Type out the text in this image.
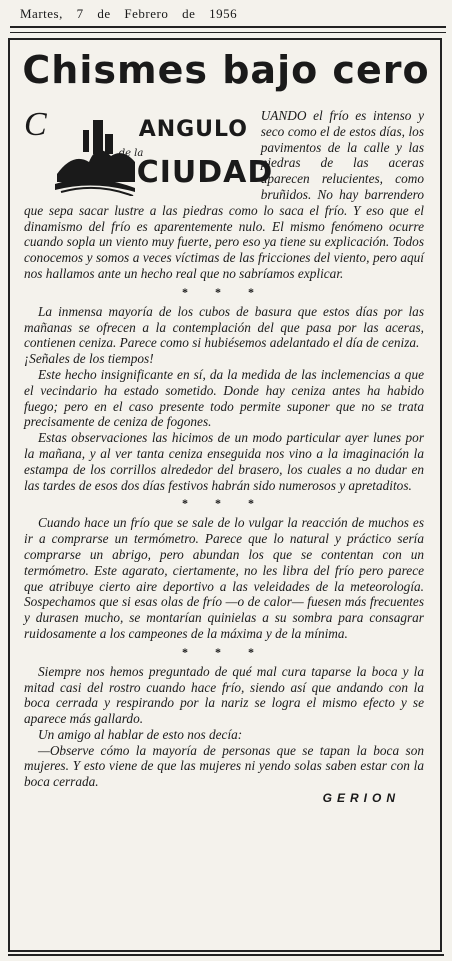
Martes, 7 de Febrero de 1956
Chismes bajo cero

C	ANGULO
de la
CIUDAD
UANDO el frío es intenso y seco como el de estos días, los pavimentos de la calle y las piedras de las aceras aparecen relucientes, como bruñidos. No hay barrendero que sepa sacar lustre a las piedras como lo saca el frío. Y eso que el dinamismo del frío es aparentemente nulo. El mismo fenómeno ocurre cuando sopla un viento muy fuerte, pero eso ya tiene su explicación. Todos conocemos y somos a veces víctimas de las fricciones del viento, pero aquí nos hallamos ante un hecho real que no sabríamos explicar.

* * *

La inmensa mayoría de los cubos de basura que estos días por las mañanas se ofrecen a la contemplación del que pasa por las aceras, contienen ceniza. Parece como si hubiésemos adelantado el día de ceniza.

¡Señales de los tiempos!

Este hecho insignificante en sí, da la medida de las inclemencias a que el vecindario ha estado sometido. Donde hay ceniza antes ha habido fuego; pero en el caso presente todo permite suponer que no se trata precisamente de ceniza de fogones.

Estas observaciones las hicimos de un modo particular ayer lunes por la mañana, y al ver tanta ceniza enseguida nos vino a la imaginación la estampa de los corrillos alrededor del brasero, los cuales a no dudar en las tardes de esos dos días festivos habrán sido numerosos y apretaditos.

* * *

Cuando hace un frío que se sale de lo vulgar la reacción de muchos es ir a comprarse un termómetro. Parece que lo natural y práctico sería comprarse un abrigo, pero abundan los que se contentan con un termómetro. Este agarato, ciertamente, no les libra del frío pero parece que atribuye cierto aire deportivo a las veleidades de la meteorología. Sospechamos que si esas olas de frío —o de calor— fuesen más frecuentes y durasen mucho, se montarían quinielas a su sombra para consagrar ruidosamente a los campeones de la máxima y de la mínima.

* * *

Siempre nos hemos preguntado de qué mal cura taparse la boca y la mitad casi del rostro cuando hace frío, siendo así que andando con la boca cerrada y respirando por la nariz se logra el mismo efecto y se aparece más gallardo.

Un amigo al hablar de esto nos decía:

—Observe cómo la mayoría de personas que se tapan la boca son mujeres. Y esto viene de que las mujeres ni yendo solas saben estar con la boca cerrada.

GERION
